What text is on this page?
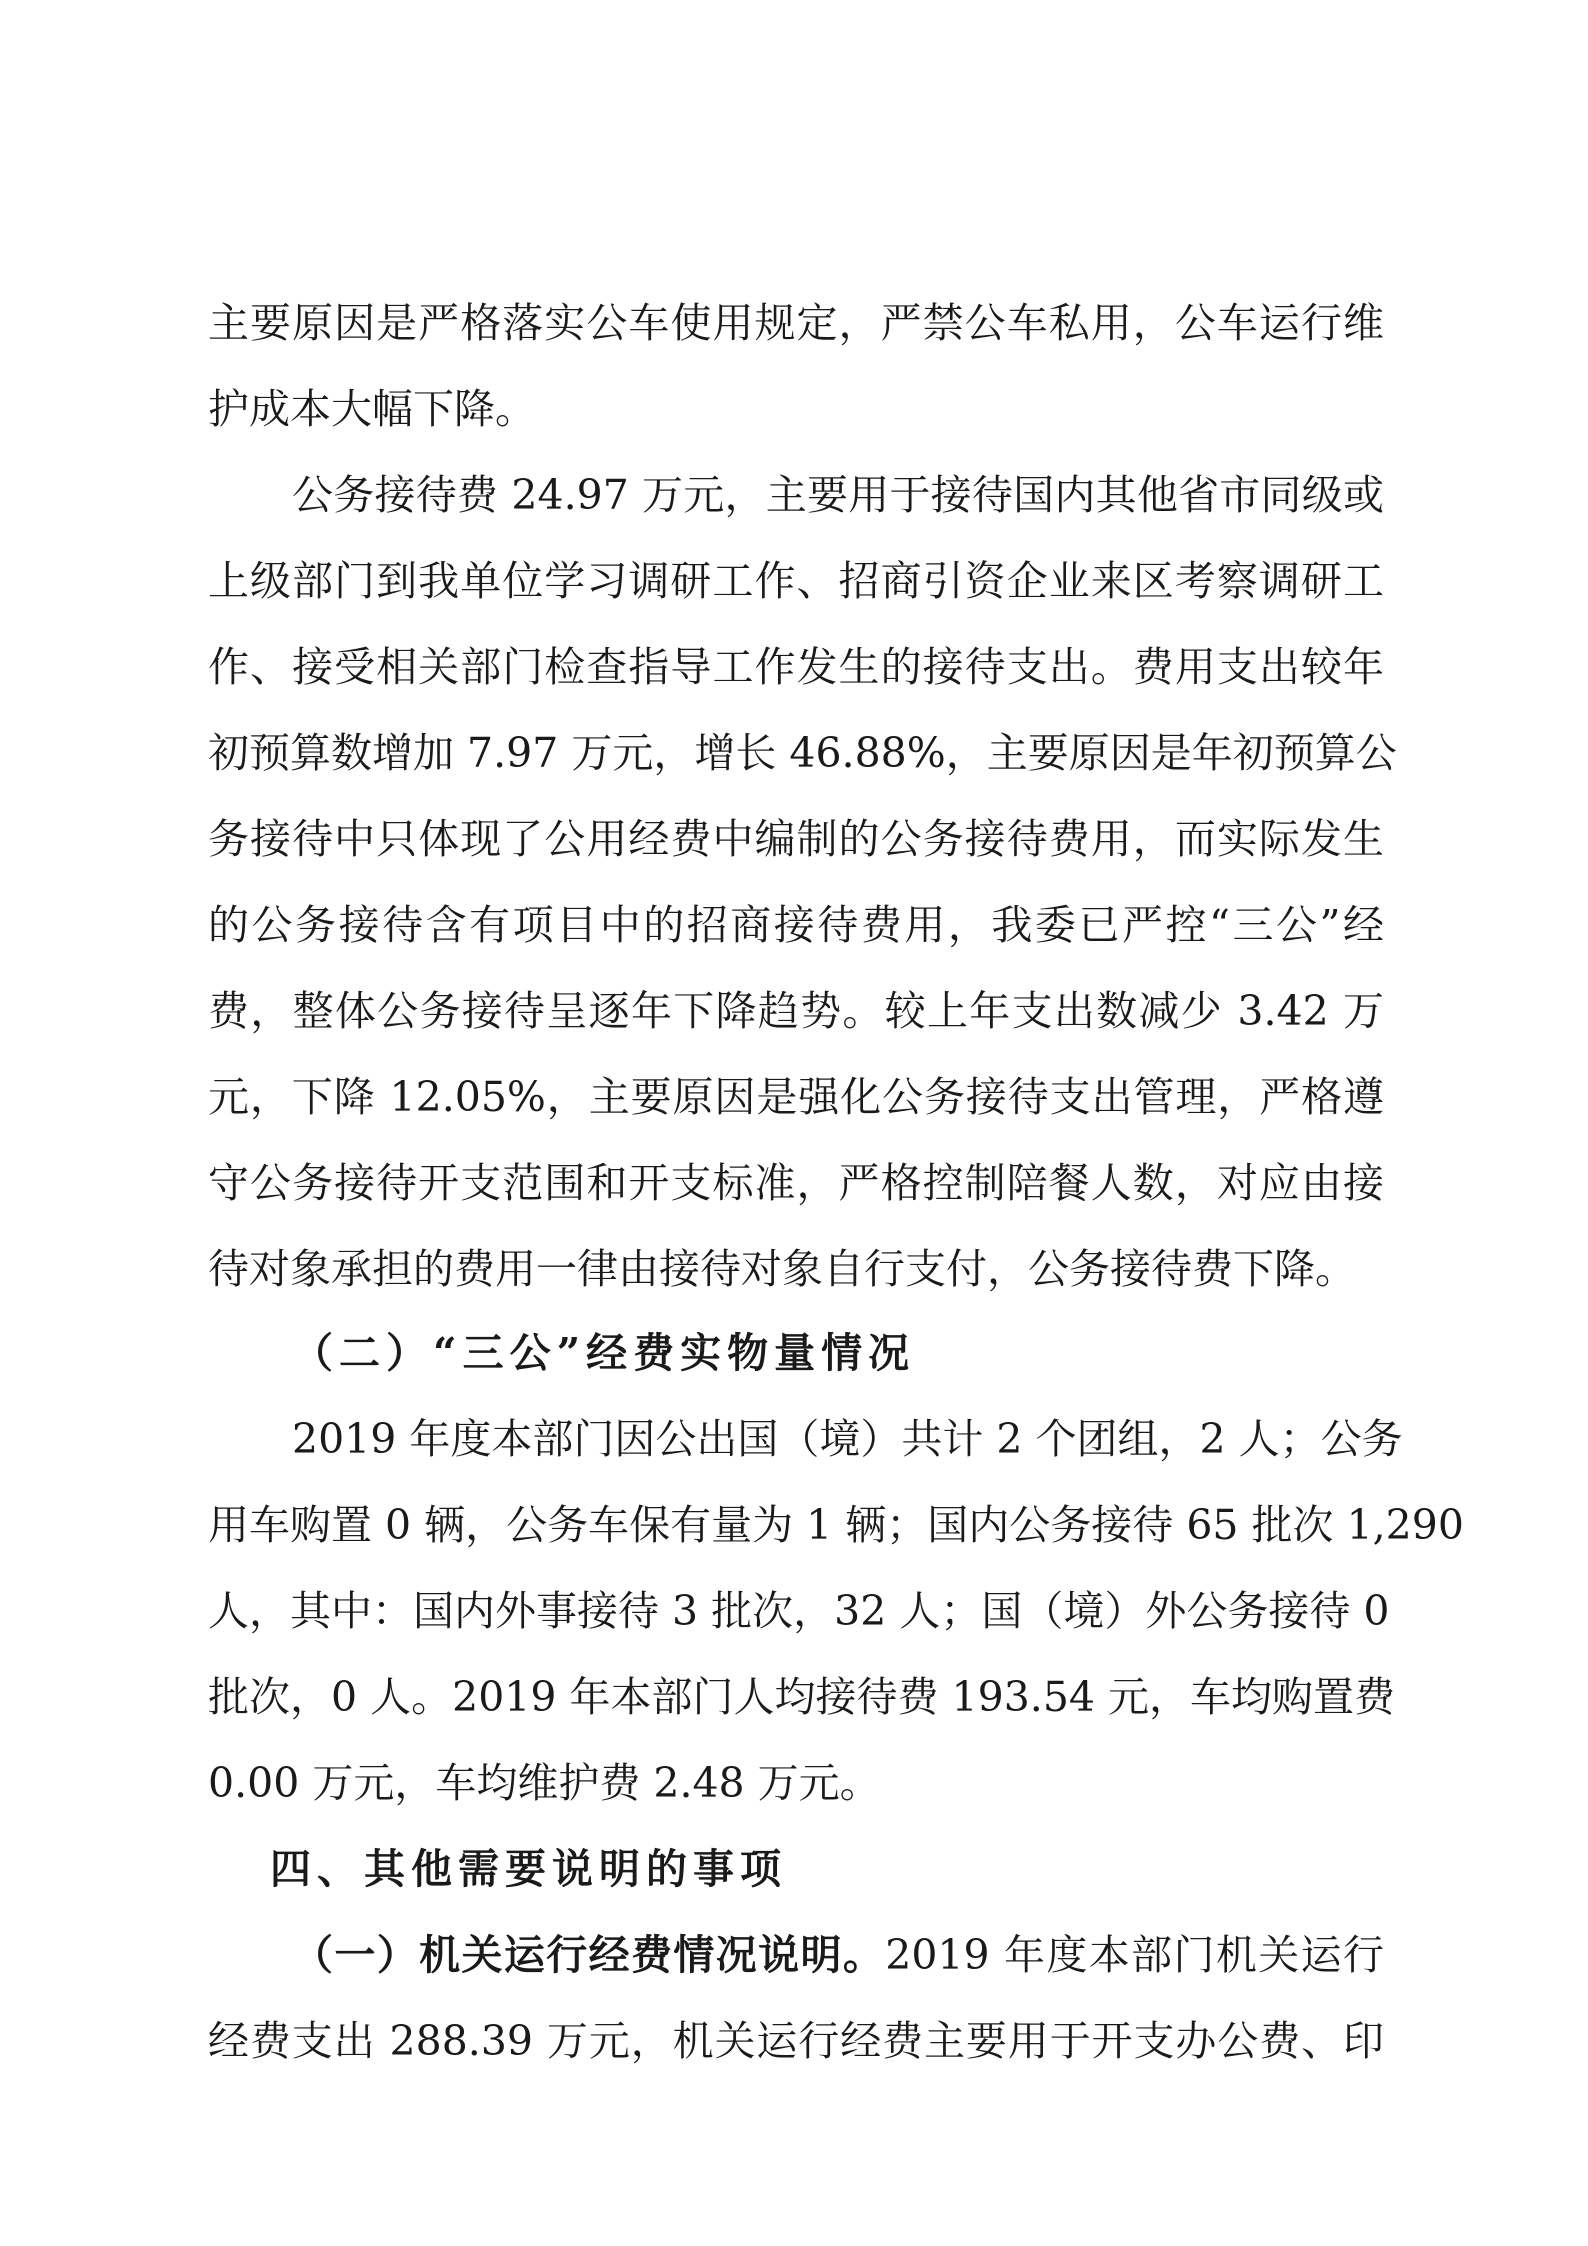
主要原因是严格落实公车使用规定，严禁公车私用，公车运行维
护成本大幅下降。
公务接待费 24.97 万元，主要用于接待国内其他省市同级或
上级部门到我单位学习调研工作、招商引资企业来区考察调研工
作、接受相关部门检查指导工作发生的接待支出。费用支出较年
初预算数增加 7.97 万元，增长 46.88%，主要原因是年初预算公
务接待中只体现了公用经费中编制的公务接待费用，而实际发生
的公务接待含有项目中的招商接待费用，我委已严控“三公”经
费，整体公务接待呈逐年下降趋势。较上年支出数减少 3.42 万
元，下降 12.05%，主要原因是强化公务接待支出管理，严格遵
守公务接待开支范围和开支标准，严格控制陪餐人数，对应由接
待对象承担的费用一律由接待对象自行支付，公务接待费下降。
（二）“三公”经费实物量情况
2019 年度本部门因公出国（境）共计 2 个团组，2 人；公务
用车购置 0 辆，公务车保有量为 1 辆；国内公务接待 65 批次 1,290
人，其中：国内外事接待 3 批次，32 人；国（境）外公务接待 0
批次，0 人。2019 年本部门人均接待费 193.54 元，车均购置费
0.00 万元，车均维护费 2.48 万元。
四、其他需要说明的事项
（一）机关运行经费情况说明。2019 年度本部门机关运行
经费支出 288.39 万元，机关运行经费主要用于开支办公费、印
